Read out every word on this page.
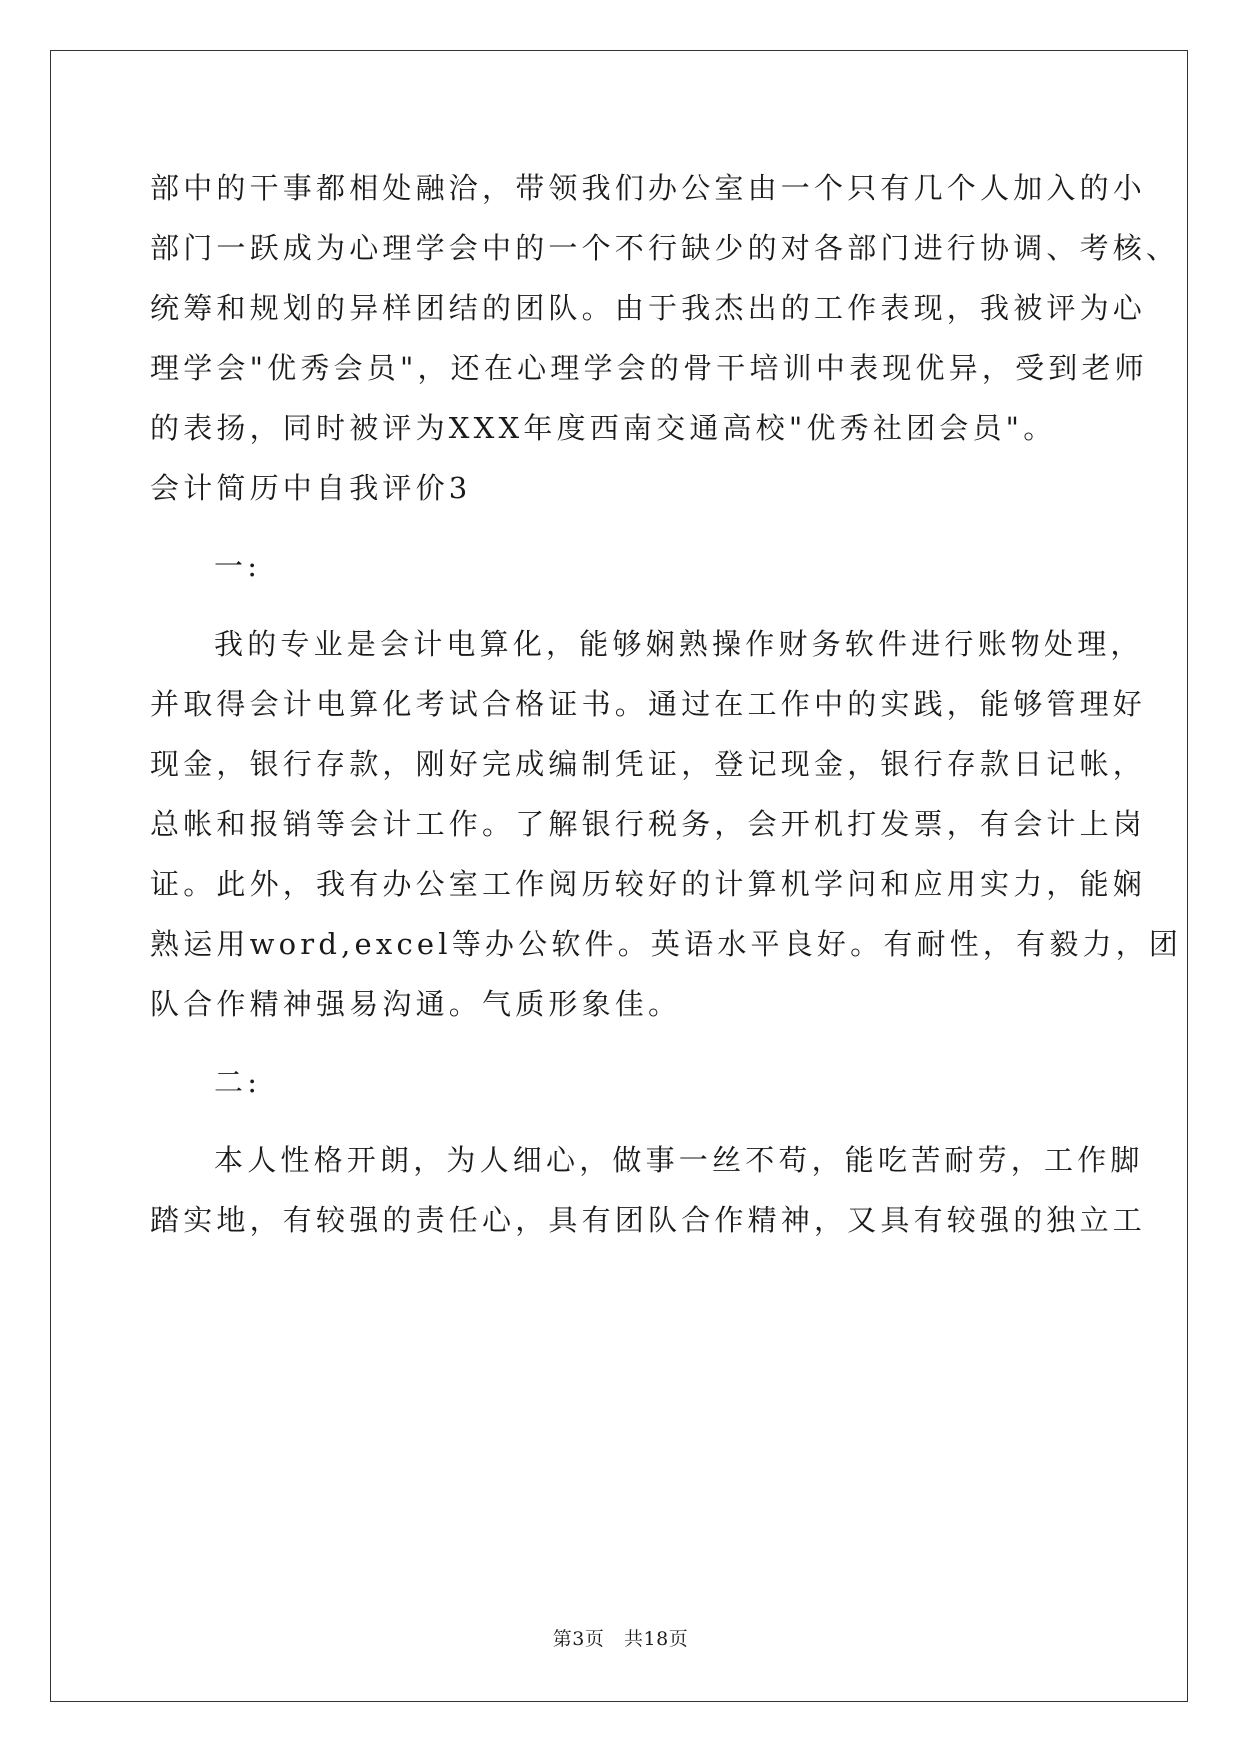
部中的干事都相处融洽，带领我们办公室由一个只有几个人加入的小
部门一跃成为心理学会中的一个不行缺少的对各部门进行协调、考核、
统筹和规划的异样团结的团队。由于我杰出的工作表现，我被评为心
理学会"优秀会员"，还在心理学会的骨干培训中表现优异，受到老师
的表扬，同时被评为XXX年度西南交通高校"优秀社团会员"。
会计简历中自我评价3
一:
我的专业是会计电算化，能够娴熟操作财务软件进行账物处理，
并取得会计电算化考试合格证书。通过在工作中的实践，能够管理好
现金，银行存款，刚好完成编制凭证，登记现金，银行存款日记帐，
总帐和报销等会计工作。了解银行税务，会开机打发票，有会计上岗
证。此外，我有办公室工作阅历较好的计算机学问和应用实力，能娴
熟运用word,excel等办公软件。英语水平良好。有耐性，有毅力，团
队合作精神强易沟通。气质形象佳。
二:
本人性格开朗，为人细心，做事一丝不苟，能吃苦耐劳，工作脚
踏实地，有较强的责任心，具有团队合作精神，又具有较强的独立工
第3页 共18页
